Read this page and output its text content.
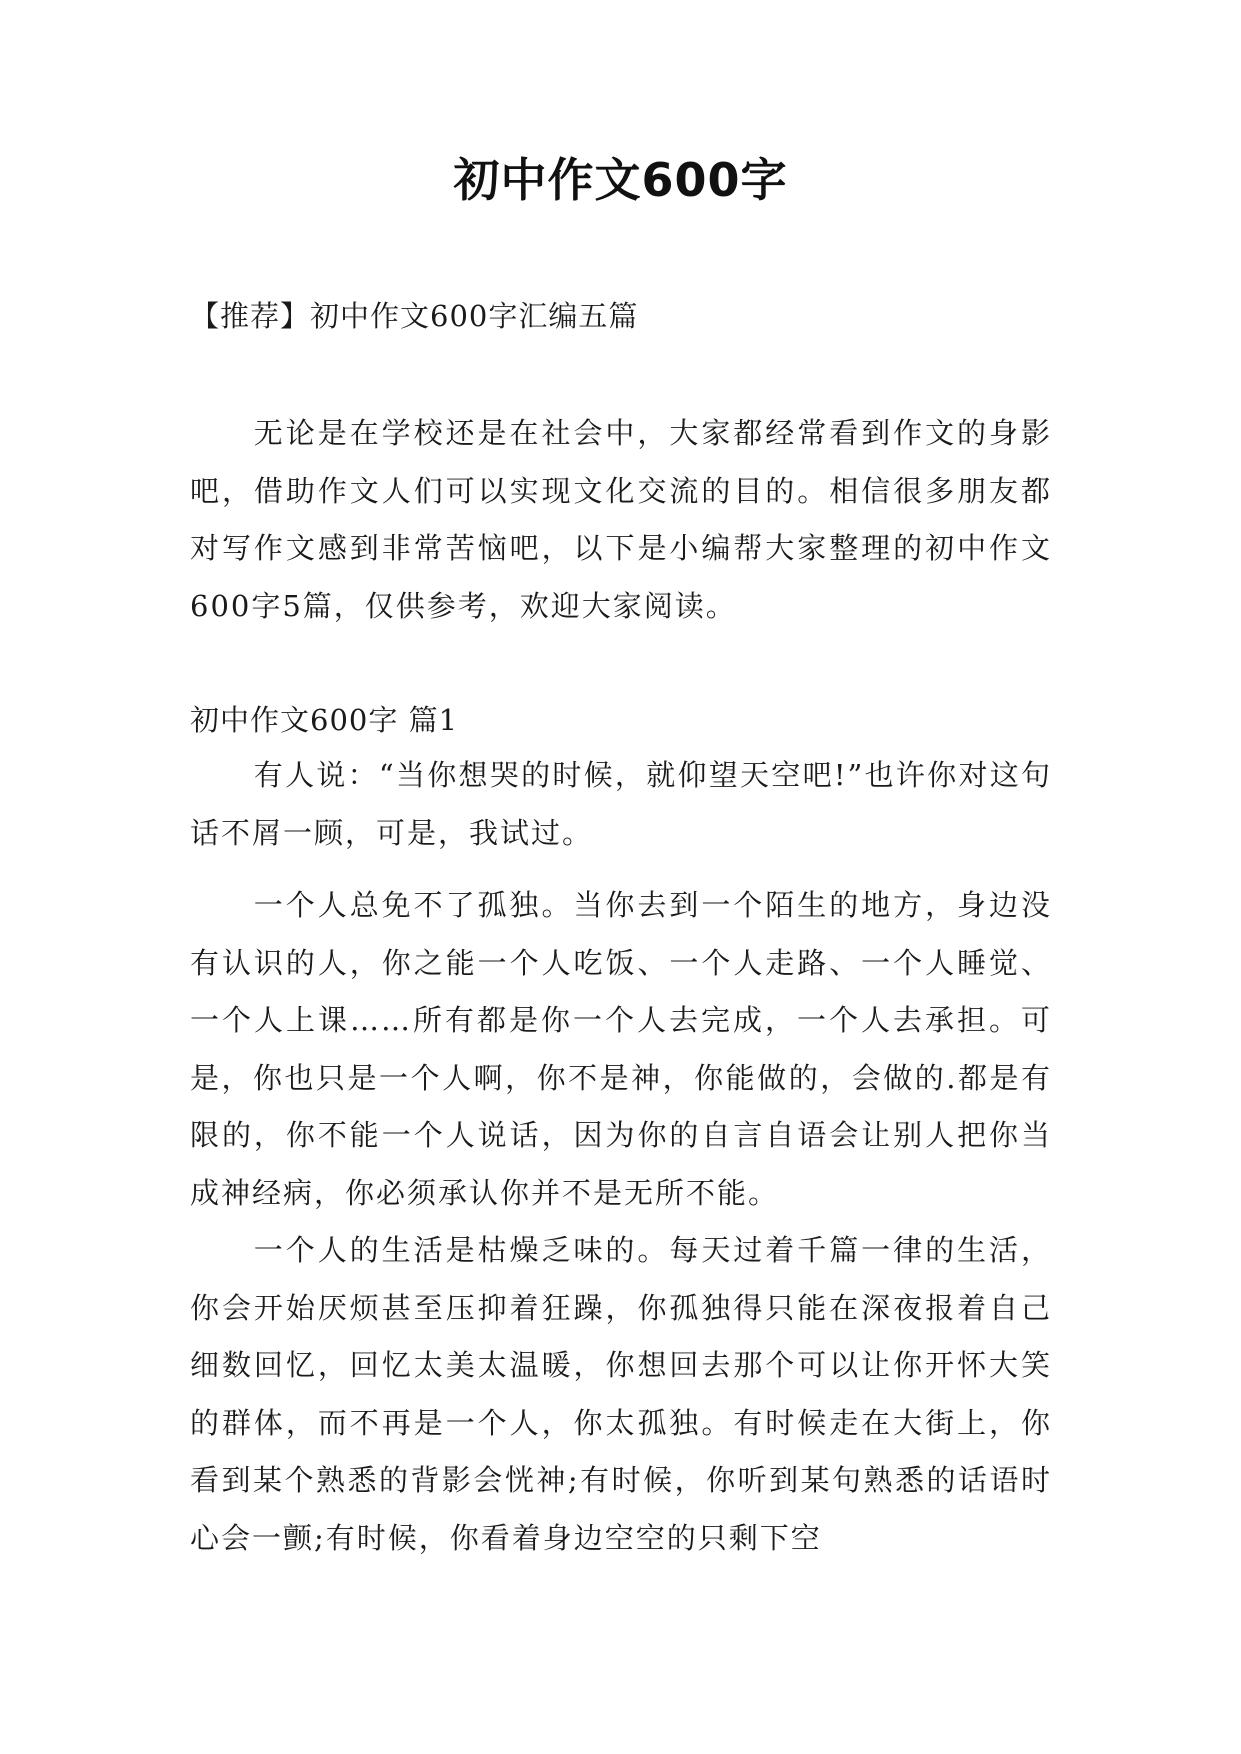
初中作文600字
【推荐】初中作文600字汇编五篇

无论是在学校还是在社会中，大家都经常看到作文的身影吧，借助作文人们可以实现文化交流的目的。相信很多朋友都对写作文感到非常苦恼吧，以下是小编帮大家整理的初中作文600字5篇，仅供参考，欢迎大家阅读。

初中作文600字 篇1

有人说：“当你想哭的时候，就仰望天空吧!”也许你对这句话不屑一顾，可是，我试过。

一个人总免不了孤独。当你去到一个陌生的地方，身边没有认识的人，你之能一个人吃饭、一个人走路、一个人睡觉、一个人上课……所有都是你一个人去完成，一个人去承担。可是，你也只是一个人啊，你不是神，你能做的，会做的.都是有限的，你不能一个人说话，因为你的自言自语会让别人把你当成神经病，你必须承认你并不是无所不能。

一个人的生活是枯燥乏味的。每天过着千篇一律的生活，你会开始厌烦甚至压抑着狂躁，你孤独得只能在深夜报着自己细数回忆，回忆太美太温暖，你想回去那个可以让你开怀大笑的群体，而不再是一个人，你太孤独。有时候走在大街上，你看到某个熟悉的背影会恍神;有时候，你听到某句熟悉的话语时心会一颤;有时候，你看着身边空空的只剩下空
